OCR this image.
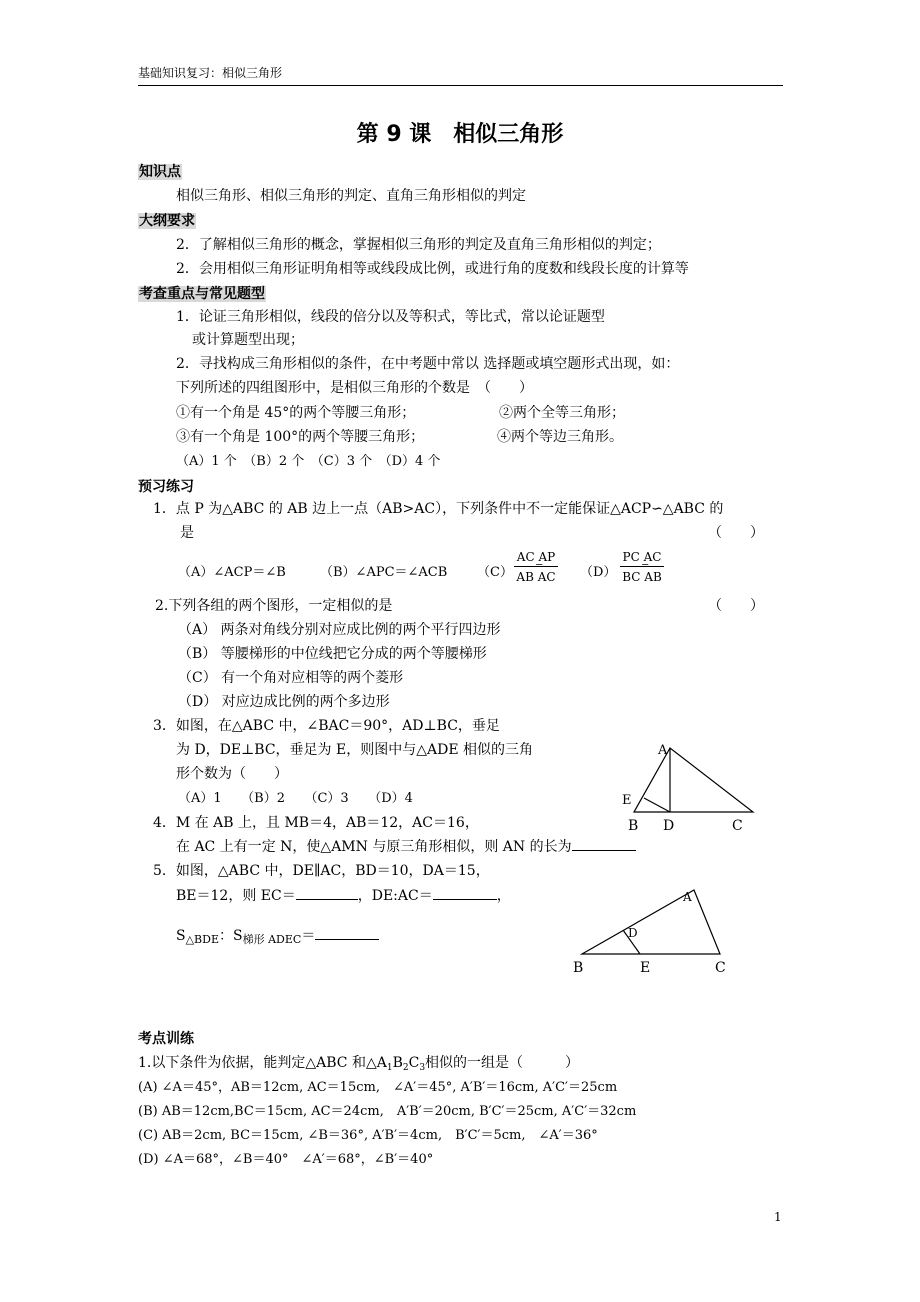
基础知识复习：相似三角形
第 9 课　相似三角形
知识点
相似三角形、相似三角形的判定、直角三角形相似的判定
大纲要求
2．了解相似三角形的概念，掌握相似三角形的判定及直角三角形相似的判定；
2．会用相似三角形证明角相等或线段成比例，或进行角的度数和线段长度的计算等
考查重点与常见题型
1．论证三角形相似，线段的倍分以及等积式，等比式，常以论证题型
或计算题型出现；
2．寻找构成三角形相似的条件，在中考题中常以 选择题或填空题形式出现，如：
下列所述的四组图形中，是相似三角形的个数是　（　　）
①有一个角是 45°的两个等腰三角形；	②两个全等三角形；
③有一个角是 100°的两个等腰三角形；	④两个等边三角形。
（A）1 个　（B）2 个　（C）3 个　（D）4 个
预习练习
1．点 P 为△ABC 的 AB 边上一点（AB>AC），下列条件中不一定能保证△ACP∽△ABC 的
是	（　　）
（A）∠ACP＝∠B	（B）∠APC＝∠ACB （C）
AC AP
AB AC
=	（D）
PC AC
BC AB
=
2.下列各组的两个图形，一定相似的是	（　　）
（A） 两条对角线分别对应成比例的两个平行四边形
（B） 等腰梯形的中位线把它分成的两个等腰梯形
（C） 有一个角对应相等的两个菱形
（D） 对应边成比例的两个多边形
3．如图，在△ABC 中，∠BAC＝90°，AD⊥BC，垂足
为 D，DE⊥BC，垂足为 E，则图中与△ADE 相似的三角
形个数为（　　）
（A）1　　（B）2　　（C）3　　（D）4
A
E
B D	C
4．M 在 AB 上，且 MB＝4，AB＝12，AC＝16，
在 AC 上有一定 N，使△AMN 与原三角形相似，则 AN 的长为
5．如图，△ABC 中，DE∥AC，BD＝10，DA＝15，
BE＝12，则 EC＝	，DE:AC＝	，
$S_{\triangle BDE}$：$S_{梯形 ADEC}=$
A
D
B	E	C
考点训练
1.以下条件为依据，能判定△ABC 和$\triangle A_1B_2C_3$相似的一组是（　　　）
(A) ∠A＝45°，AB＝12cm, AC＝15cm,　∠A′＝45°, A′B′＝16cm, A′C′＝25cm
(B) AB＝12cm,BC＝15cm, AC＝24cm,　A′B′＝20cm, B′C′＝25cm, A′C′＝32cm
(C) AB＝2cm, BC＝15cm, ∠B＝36°, A′B′＝4cm,　B′C′＝5cm,　∠A′＝36°
(D) ∠A＝68°，∠B＝40°　∠A′＝68°，∠B′＝40°
1
